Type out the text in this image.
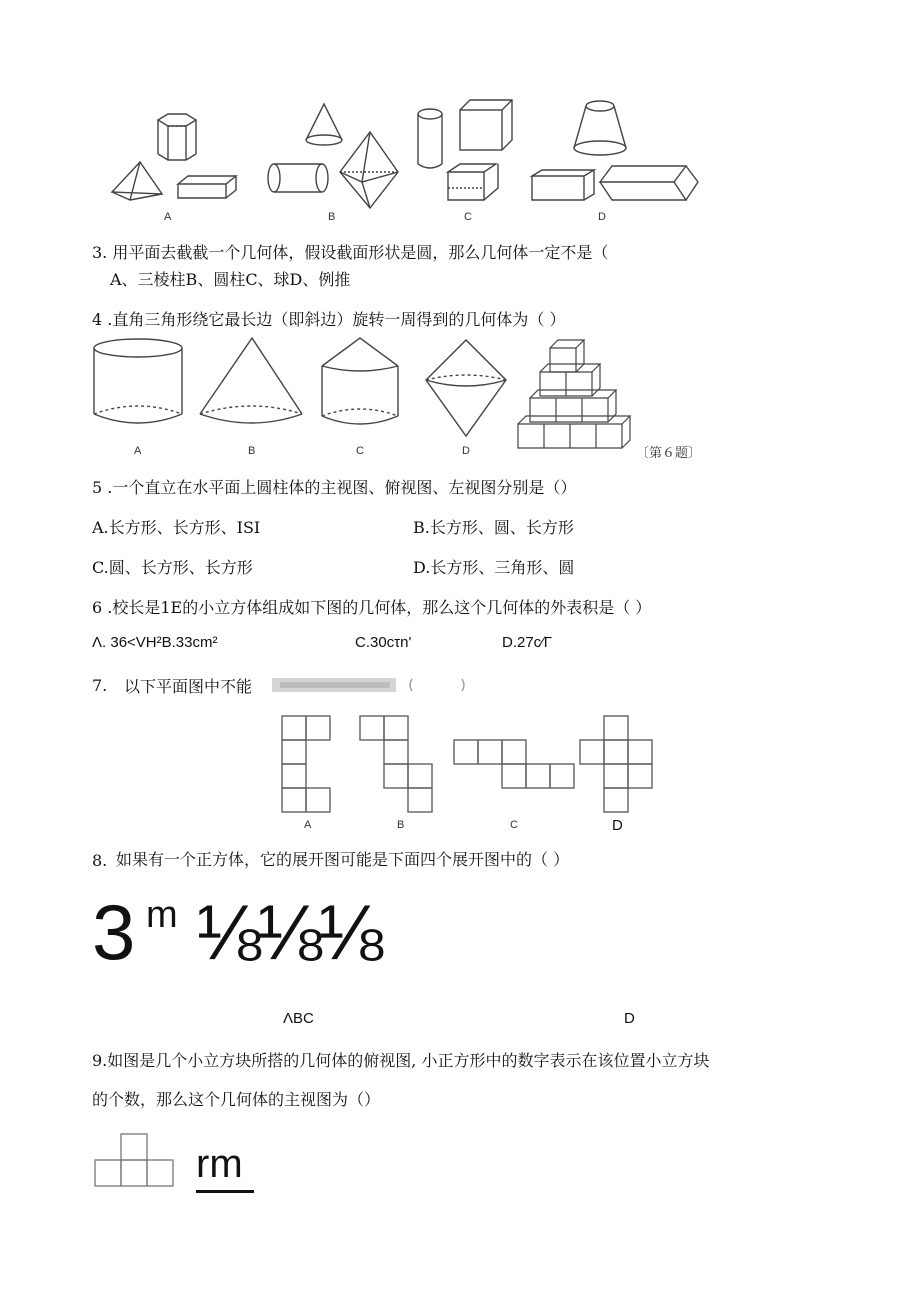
A	B	C	D
3. 用平面去截截一个几何体，假设截面形状是圆，那么几何体一定不是（
A、三棱柱B、圆柱C、球D、例推
4 .直角三角形绕它最长边（即斜边）旋转一周得到的几何体为（ ）
A	B	C	D	〔第６题〕
5 .一个直立在水平面上圆柱体的主视图、俯视图、左视图分别是（）
A.长方形、长方形、ISI	B.长方形、圆、长方形
C.圆、长方形、长方形	D.长方形、三角形、圆
6 .校长是1E的小立方体组成如下图的几何体，那么这个几何体的外表积是（ ）
Λ. 36<VH²B.33cm²	C.30cτn'	D.27c∕Γ
7. 以下平面图中不能
A	B	C	D
8. 如果有一个正方体，它的展开图可能是下面四个展开图中的（ ）
3 m ⅛⅛⅛
ΛBC	D
9.如图是几个小立方块所搭的几何体的俯视图, 小正方形中的数字表示在该位置小立方块
的个数，那么这个几何体的主视图为（）
rm
